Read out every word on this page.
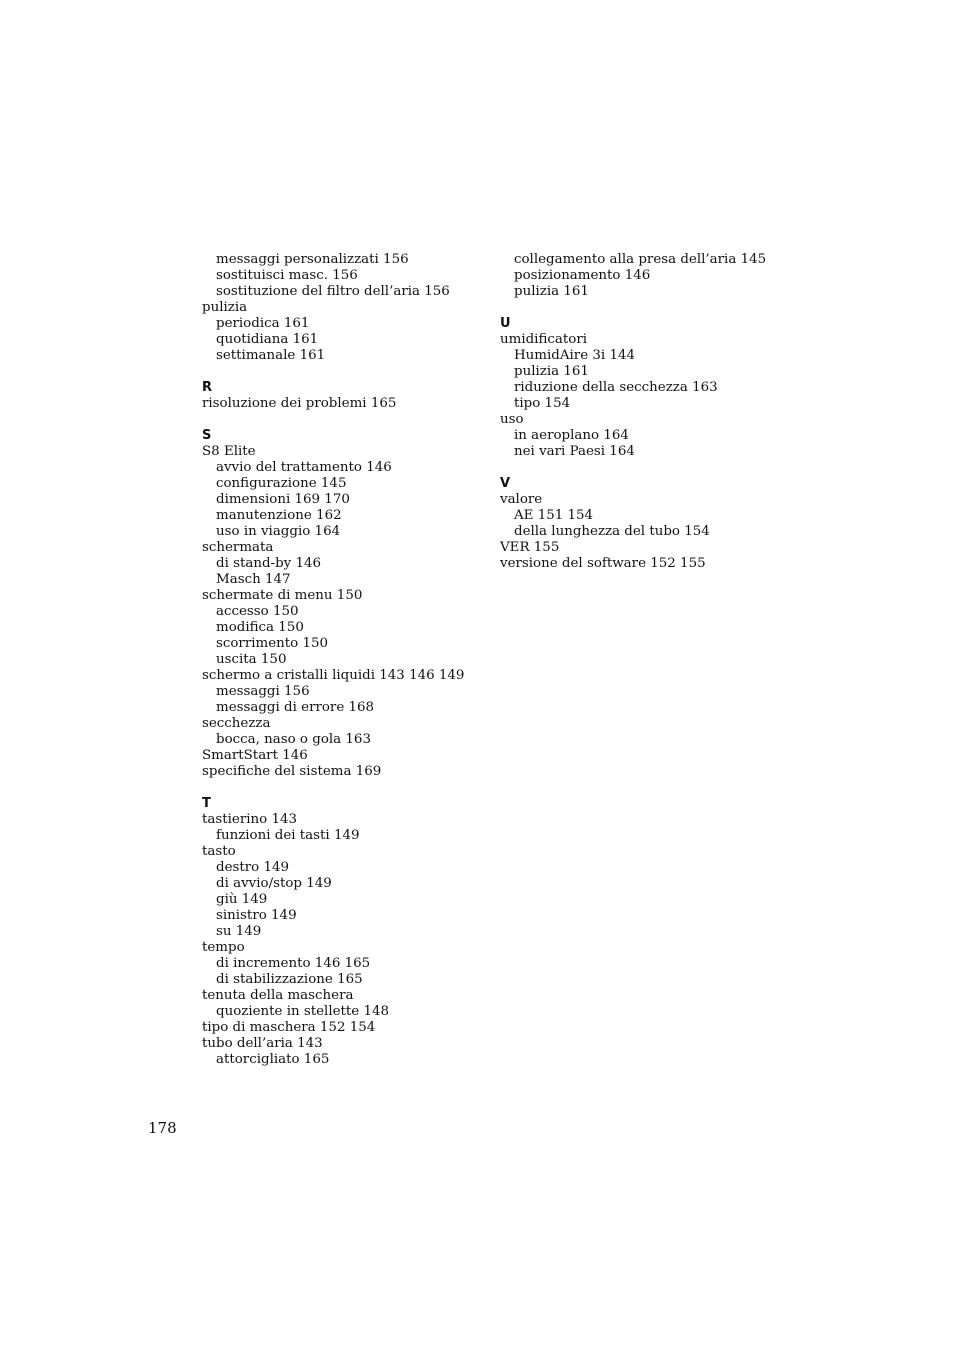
messaggi personalizzati 156
sostituisci masc. 156
sostituzione del filtro dell’aria 156
pulizia
periodica 161
quotidiana 161
settimanale 161
R
risoluzione dei problemi 165
S
S8 Elite
avvio del trattamento 146
configurazione 145
dimensioni 169 170
manutenzione 162
uso in viaggio 164
schermata
di stand-by 146
Masch 147
schermate di menu 150
accesso 150
modifica 150
scorrimento 150
uscita 150
schermo a cristalli liquidi 143 146 149
messaggi 156
messaggi di errore 168
secchezza
bocca, naso o gola 163
SmartStart 146
specifiche del sistema 169
T
tastierino 143
funzioni dei tasti 149
tasto
destro 149
di avvio/stop 149
giù 149
sinistro 149
su 149
tempo
di incremento 146 165
di stabilizzazione 165
tenuta della maschera
quoziente in stellette 148
tipo di maschera 152 154
tubo dell’aria 143
attorcigliato 165
collegamento alla presa dell’aria 145
posizionamento 146
pulizia 161
U
umidificatori
HumidAire 3i 144
pulizia 161
riduzione della secchezza 163
tipo 154
uso
in aeroplano 164
nei vari Paesi 164
V
valore
AE 151 154
della lunghezza del tubo 154
VER 155
versione del software 152 155
178
